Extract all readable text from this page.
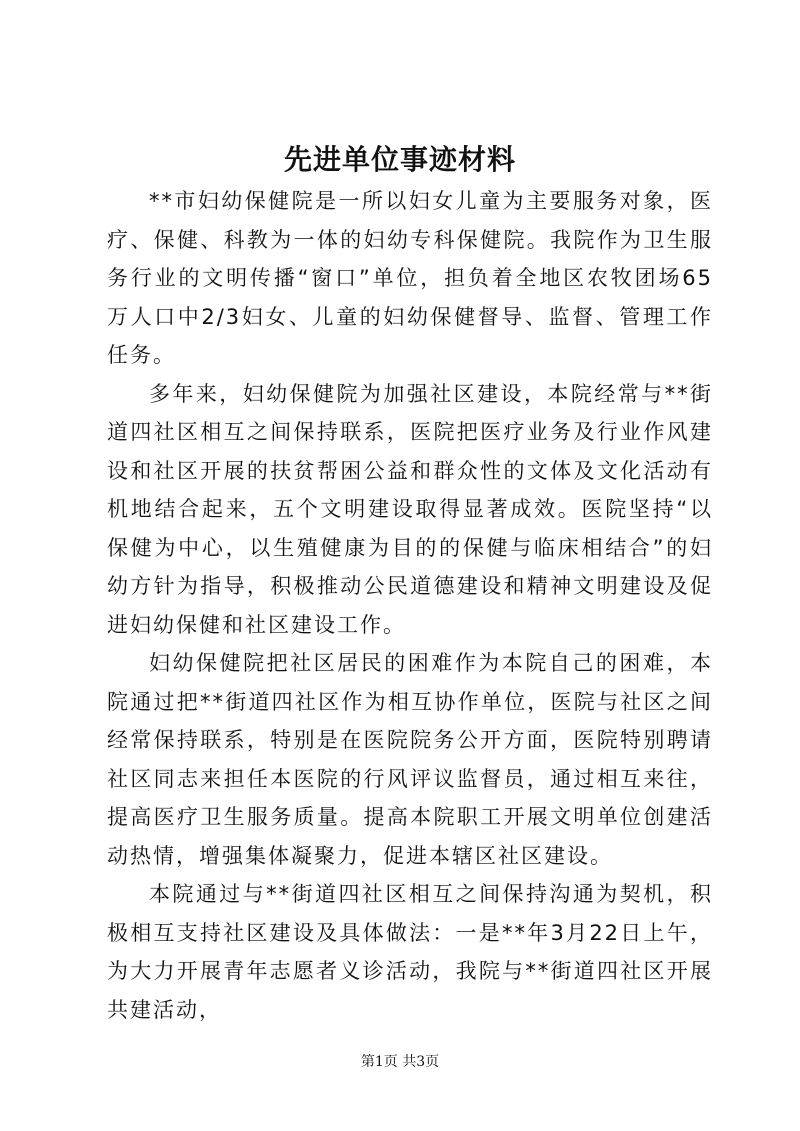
先进单位事迹材料

**市妇幼保健院是一所以妇女儿童为主要服务对象，医疗、保健、科教为一体的妇幼专科保健院。我院作为卫生服务行业的文明传播“窗口”单位，担负着全地区农牧团场65万人口中2/3妇女、儿童的妇幼保健督导、监督、管理工作任务。

多年来，妇幼保健院为加强社区建设，本院经常与**街道四社区相互之间保持联系，医院把医疗业务及行业作风建设和社区开展的扶贫帮困公益和群众性的文体及文化活动有机地结合起来，五个文明建设取得显著成效。医院坚持“以保健为中心，以生殖健康为目的的保健与临床相结合”的妇幼方针为指导，积极推动公民道德建设和精神文明建设及促进妇幼保健和社区建设工作。

妇幼保健院把社区居民的困难作为本院自己的困难，本院通过把**街道四社区作为相互协作单位，医院与社区之间经常保持联系，特别是在医院院务公开方面，医院特别聘请社区同志来担任本医院的行风评议监督员，通过相互来往，提高医疗卫生服务质量。提高本院职工开展文明单位创建活动热情，增强集体凝聚力，促进本辖区社区建设。

本院通过与**街道四社区相互之间保持沟通为契机，积极相互支持社区建设及具体做法：一是**年3月22日上午，为大力开展青年志愿者义诊活动，我院与**街道四社区开展共建活动，

第1页 共3页
